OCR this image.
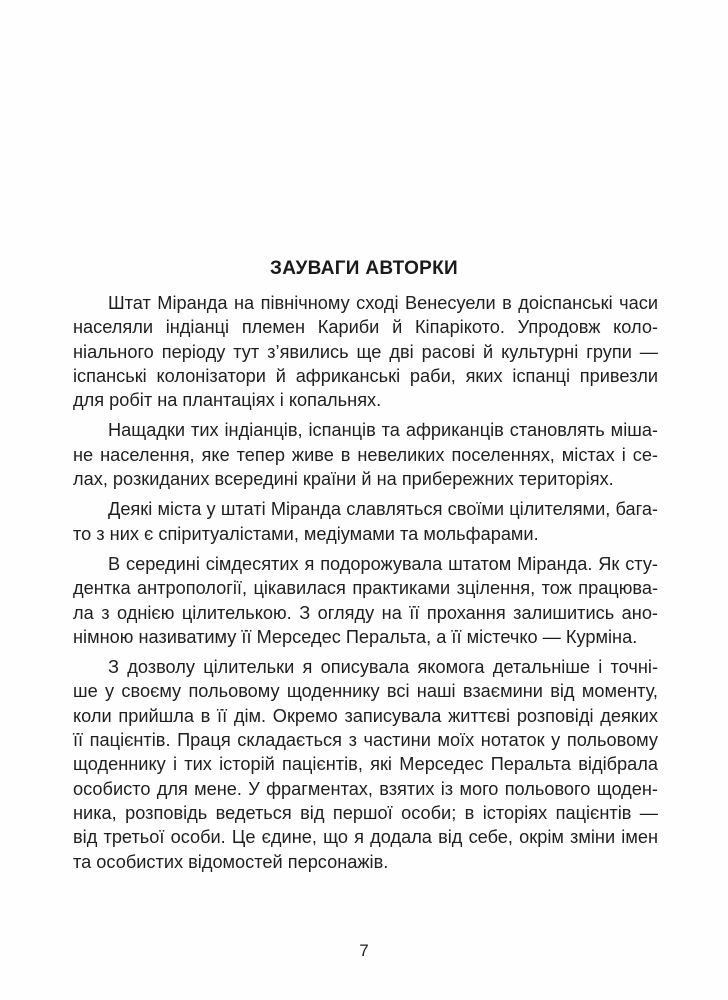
ЗАУВАГИ АВТОРКИ
Штат Міранда на північному сході Венесуели в доіспанські часи
населяли індіанці племен Кариби й Кіпарікото. Упродовж коло-
ніального періоду тут з’явились ще дві расові й культурні групи —
іспанські колонізатори й африканські раби, яких іспанці привезли
для робіт на плантаціях і копальнях.
Нащадки тих індіанців, іспанців та африканців становлять міша-
не населення, яке тепер живе в невеликих поселеннях, містах і се-
лах, розкиданих всередині країни й на прибережних територіях.
Деякі міста у штаті Міранда славляться своїми цілителями, бага-
то з них є спіритуалістами, медіумами та мольфарами.
В середині сімдесятих я подорожувала штатом Міранда. Як сту-
дентка антропології, цікавилася практиками зцілення, тож працюва-
ла з однією цілителькою. З огляду на її прохання залишитись ано-
німною називатиму її Мерседес Перальта, а її містечко — Курміна.
З дозволу цілительки я описувала якомога детальніше і точні-
ше у своєму польовому щоденнику всі наші взаємини від моменту,
коли прийшла в її дім. Окремо записувала життєві розповіді деяких
її пацієнтів. Праця складається з частини моїх нотаток у польовому
щоденнику і тих історій пацієнтів, які Мерседес Перальта відібрала
особисто для мене. У фрагментах, взятих із мого польового щоден-
ника, розповідь ведеться від першої особи; в історіях пацієнтів —
від третьої особи. Це єдине, що я додала від себе, окрім зміни імен
та особистих відомостей персонажів.
7
